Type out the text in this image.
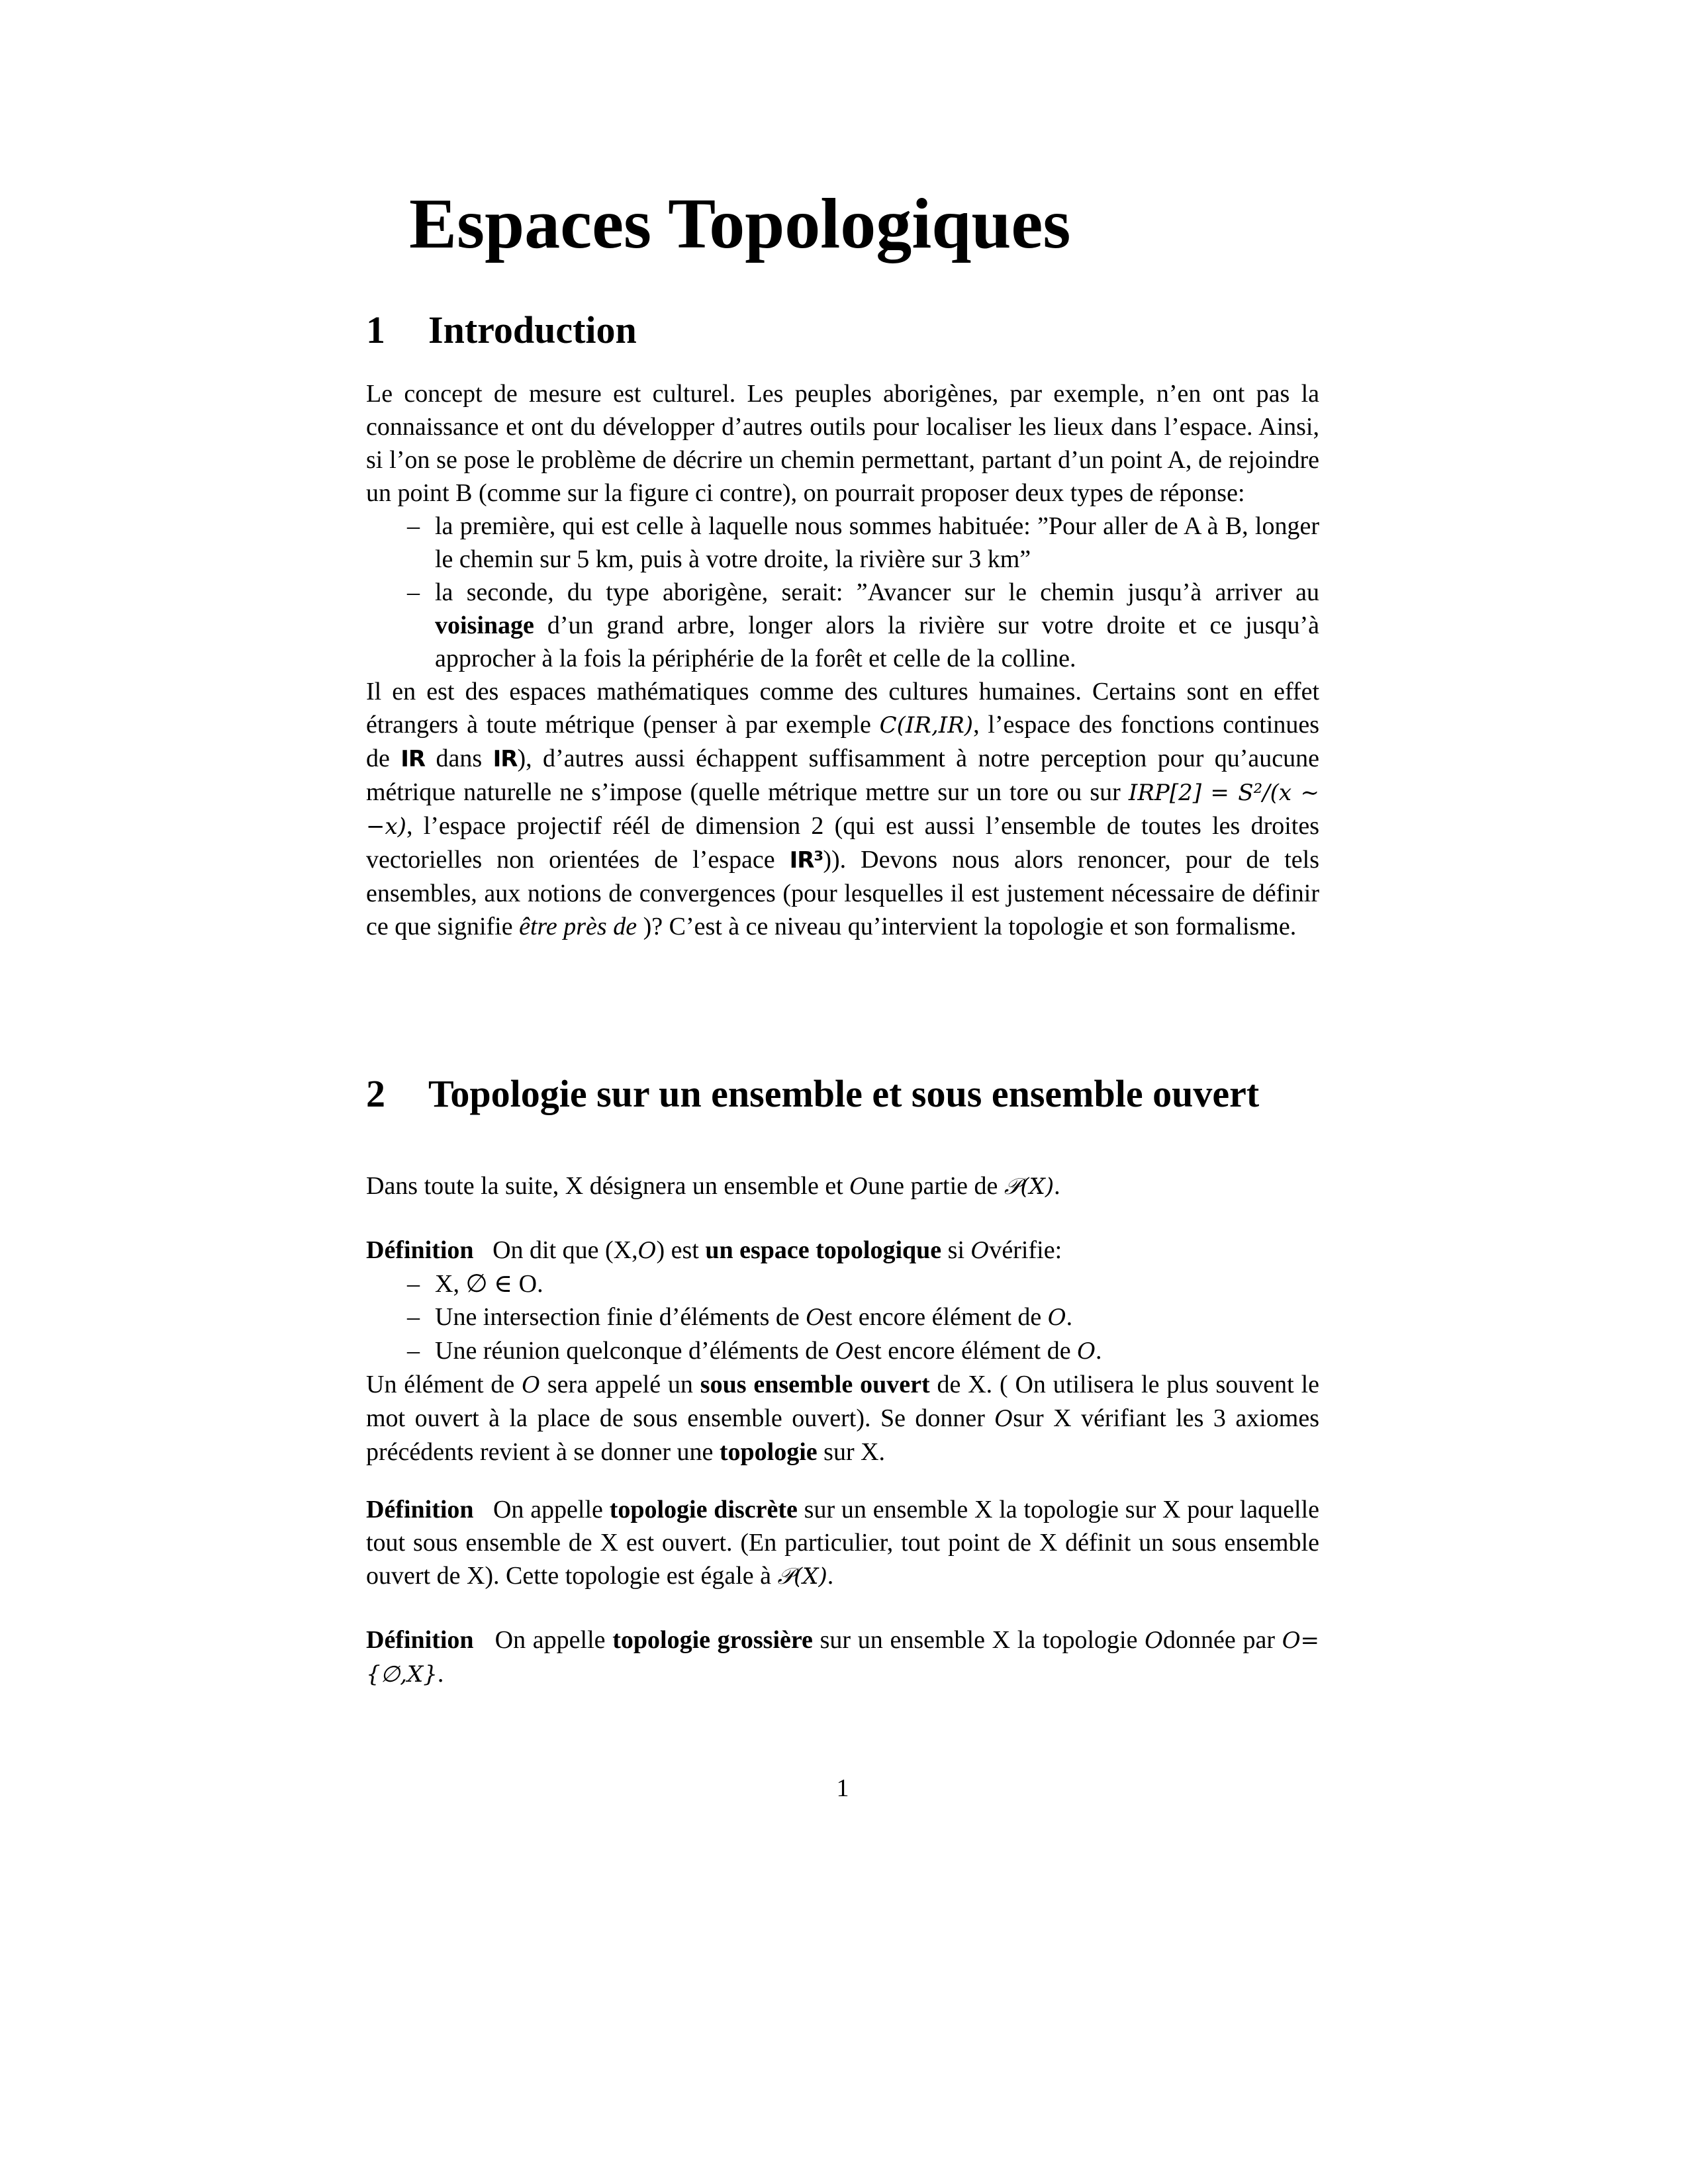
Espaces Topologiques
1 Introduction

Le concept de mesure est culturel. Les peuples aborigènes, par exemple, n’en ont pas la connaissance et ont du développer d’autres outils pour localiser les lieux dans l’espace. Ainsi, si l’on se pose le problème de décrire un chemin permettant, partant d’un point A, de rejoindre un point B (comme sur la figure ci contre), on pourrait proposer deux types de réponse:

– la première, qui est celle à laquelle nous sommes habituée: ”Pour aller de A à B, longer le chemin sur 5 km, puis à votre droite, la rivière sur 3 km”
– la seconde, du type aborigène, serait: ”Avancer sur le chemin jusqu’à arriver au voisinage d’un grand arbre, longer alors la rivière sur votre droite et ce jusqu’à approcher à la fois la périphérie de la forêt et celle de la colline.

Il en est des espaces mathématiques comme des cultures humaines. Certains sont en effet étrangers à toute métrique (penser à par exemple C(IR,IR), l’espace des fonctions continues de IR dans IR), d’autres aussi échappent suffisamment à notre perception pour qu’aucune métrique naturelle ne s’impose (quelle métrique mettre sur un tore ou sur IRP[2] = S²/(x ∼ −x), l’espace projectif réél de dimension 2 (qui est aussi l’ensemble de toutes les droites vectorielles non orientées de l’espace IR³)). Devons nous alors renoncer, pour de tels ensembles, aux notions de convergences (pour lesquelles il est justement nécessaire de définir ce que signifie être près de )? C’est à ce niveau qu’intervient la topologie et son formalisme.

2 Topologie sur un ensemble et sous ensemble ouvert

Dans toute la suite, X désignera un ensemble et Oune partie de 𝒫(X).

Définition On dit que (X,O) est un espace topologique si Ovérifie:

– X, ∅ ∈ O.
– Une intersection finie d’éléments de Oest encore élément de O.
– Une réunion quelconque d’éléments de Oest encore élément de O.

Un élément de O sera appelé un sous ensemble ouvert de X. ( On utilisera le plus souvent le mot ouvert à la place de sous ensemble ouvert). Se donner Osur X vérifiant les 3 axiomes précédents revient à se donner une topologie sur X.

Définition On appelle topologie discrète sur un ensemble X la topologie sur X pour laquelle tout sous ensemble de X est ouvert. (En particulier, tout point de X définit un sous ensemble ouvert de X). Cette topologie est égale à 𝒫(X).

Définition On appelle topologie grossière sur un ensemble X la topologie Odonnée par O={∅,X}.

1
